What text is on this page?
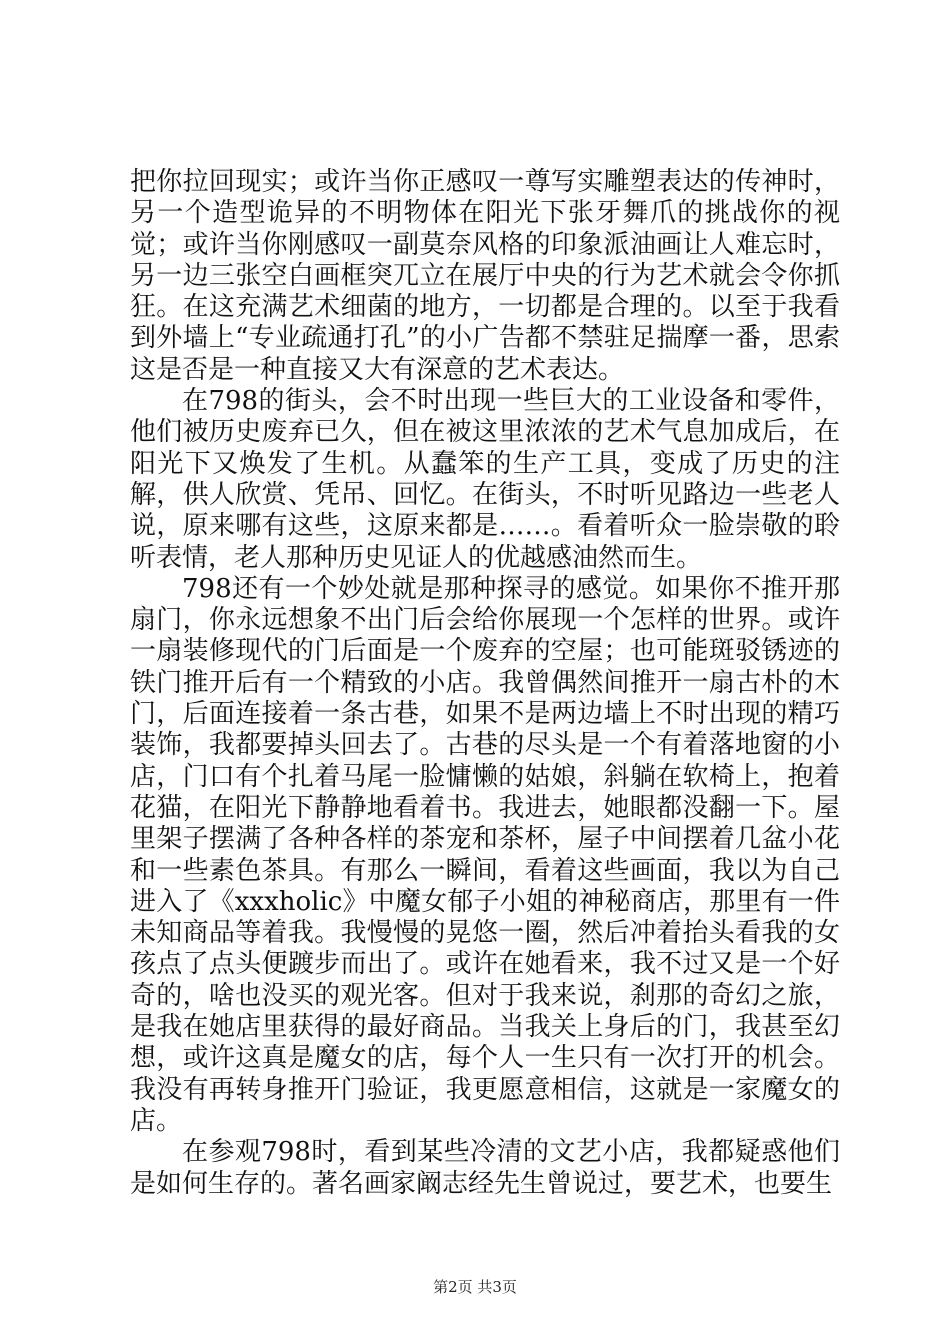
把你拉回现实；或许当你正感叹一尊写实雕塑表达的传神时，另一个造型诡异的不明物体在阳光下张牙舞爪的挑战你的视觉；或许当你刚感叹一副莫奈风格的印象派油画让人难忘时，另一边三张空白画框突兀立在展厅中央的行为艺术就会令你抓狂。在这充满艺术细菌的地方，一切都是合理的。以至于我看到外墙上“专业疏通打孔”的小广告都不禁驻足揣摩一番，思索这是否是一种直接又大有深意的艺术表达。

在798的街头，会不时出现一些巨大的工业设备和零件，他们被历史废弃已久，但在被这里浓浓的艺术气息加成后，在阳光下又焕发了生机。从蠢笨的生产工具，变成了历史的注解，供人欣赏、凭吊、回忆。在街头，不时听见路边一些老人说，原来哪有这些，这原来都是……。看着听众一脸崇敬的聆听表情，老人那种历史见证人的优越感油然而生。

798还有一个妙处就是那种探寻的感觉。如果你不推开那扇门，你永远想象不出门后会给你展现一个怎样的世界。或许一扇装修现代的门后面是一个废弃的空屋；也可能斑驳锈迹的铁门推开后有一个精致的小店。我曾偶然间推开一扇古朴的木门，后面连接着一条古巷，如果不是两边墙上不时出现的精巧装饰，我都要掉头回去了。古巷的尽头是一个有着落地窗的小店，门口有个扎着马尾一脸慵懒的姑娘，斜躺在软椅上，抱着花猫，在阳光下静静地看着书。我进去，她眼都没翻一下。屋里架子摆满了各种各样的茶宠和茶杯，屋子中间摆着几盆小花和一些素色茶具。有那么一瞬间，看着这些画面，我以为自己进入了《xxxholic》中魔女郁子小姐的神秘商店，那里有一件未知商品等着我。我慢慢的晃悠一圈，然后冲着抬头看我的女孩点了点头便踱步而出了。或许在她看来，我不过又是一个好奇的，啥也没买的观光客。但对于我来说，刹那的奇幻之旅，是我在她店里获得的最好商品。当我关上身后的门，我甚至幻想，或许这真是魔女的店，每个人一生只有一次打开的机会。我没有再转身推开门验证，我更愿意相信，这就是一家魔女的店。

在参观798时，看到某些冷清的文艺小店，我都疑惑他们是如何生存的。著名画家阚志经先生曾说过，要艺术，也要生

第2页 共3页
